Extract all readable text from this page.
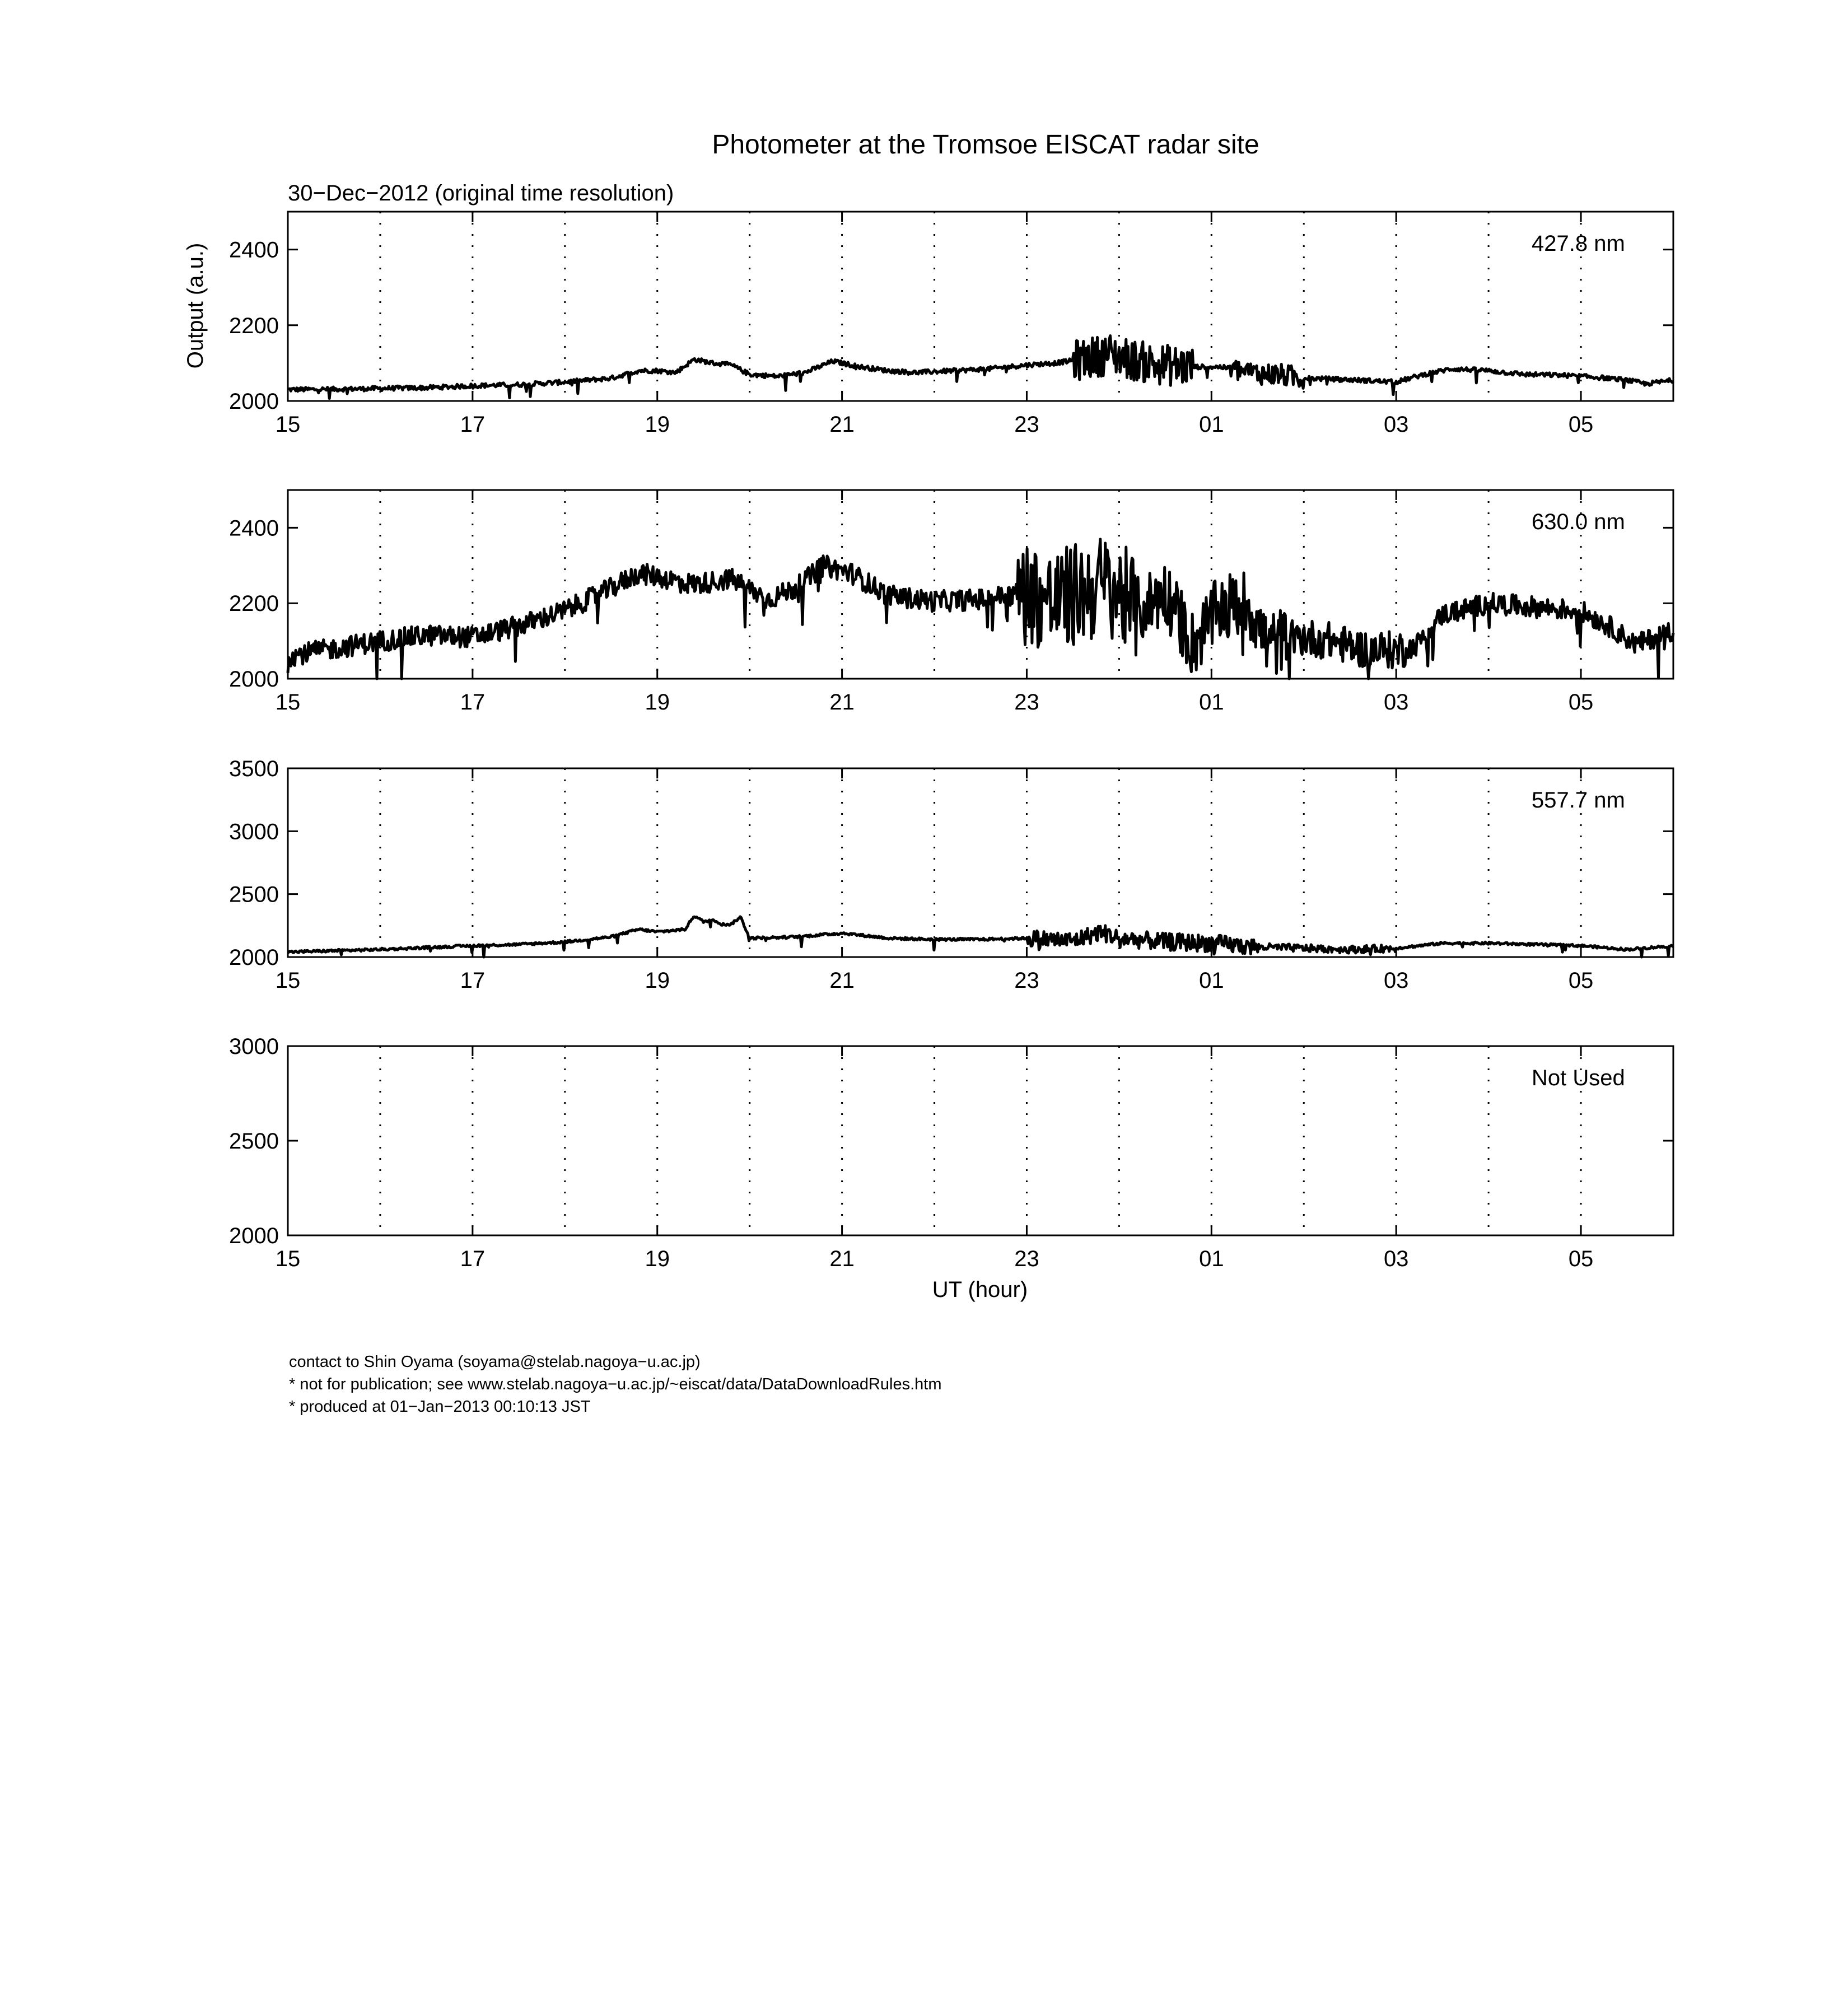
Photometer at the Tromsoe EISCAT radar site
30−Dec−2012 (original time resolution)
Output (a.u.)
UT (hour)
15	17	19	21	23	01	03	05
2000
2200
2400	427.8 nm
15	17	19	21	23	01	03	05
2000
2200
2400	630.0 nm
15	17	19	21	23	01	03	05
2000
2500
3000
3500
557.7 nm
15	17	19	21	23	01	03	05
2000
2500
3000
Not Used
contact to Shin Oyama (soyama@stelab.nagoya−u.ac.jp)
* not for publication; see www.stelab.nagoya−u.ac.jp/~eiscat/data/DataDownloadRules.htm
* produced at 01−Jan−2013 00:10:13 JST
